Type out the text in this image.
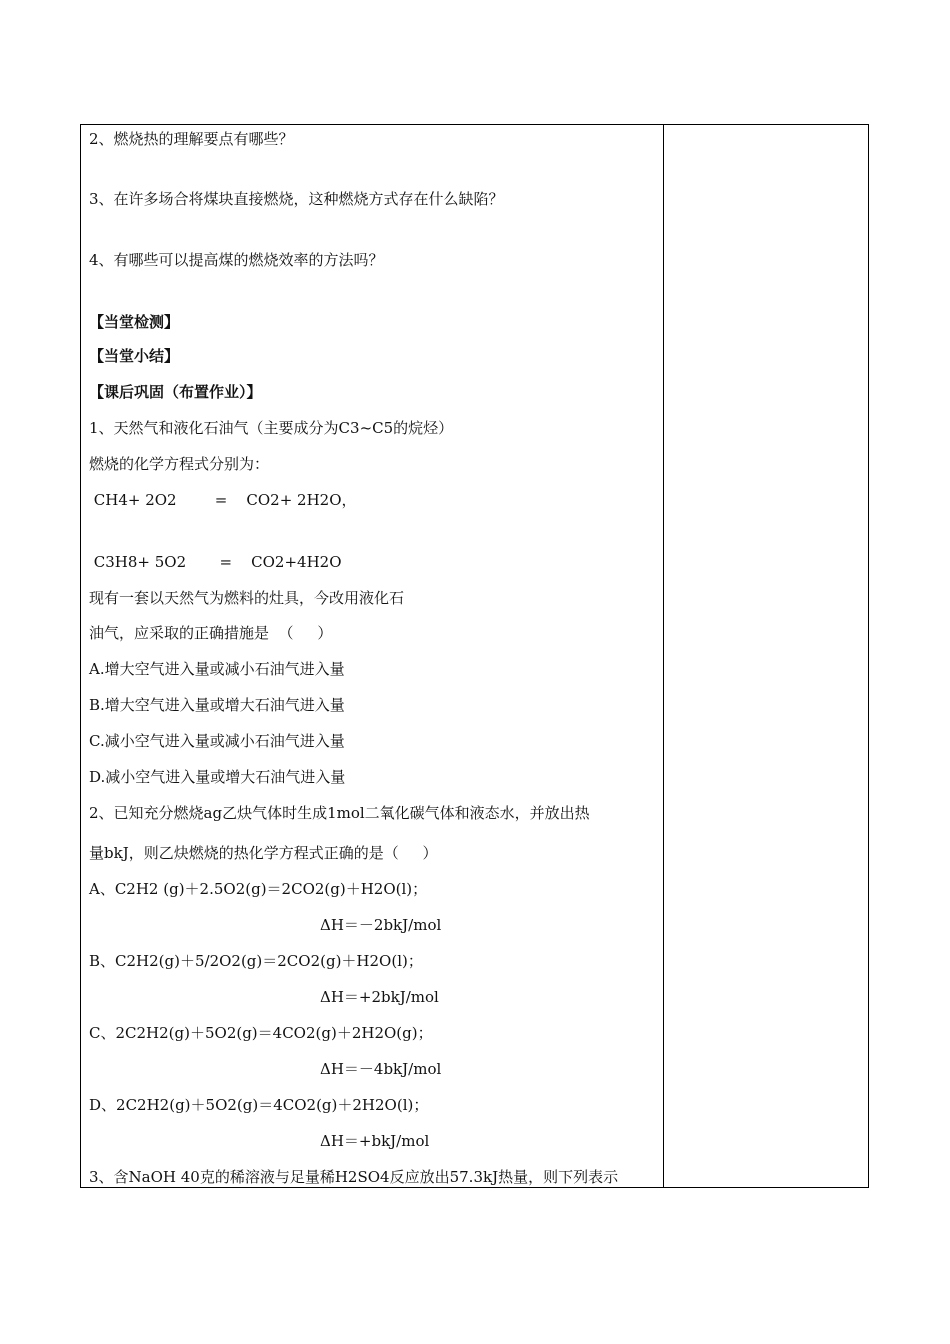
2、燃烧热的理解要点有哪些？
3、在许多场合将煤块直接燃烧，这种燃烧方式存在什么缺陷？
4、有哪些可以提高煤的燃烧效率的方法吗？
【当堂检测】
【当堂小结】
【课后巩固（布置作业）】
1、天然气和液化石油气（主要成分为C3~C5的烷烃）
燃烧的化学方程式分别为：
CH4+ 2O2        =    CO2+ 2H2O，
C3H8+ 5O2       =    CO2+4H2O
现有一套以天然气为燃料的灶具，今改用液化石
油气，应采取的正确措施是  （     ）
A.增大空气进入量或减小石油气进入量
B.增大空气进入量或增大石油气进入量
C.减小空气进入量或减小石油气进入量
D.减小空气进入量或增大石油气进入量
2、已知充分燃烧ag乙炔气体时生成1mol二氧化碳气体和液态水，并放出热
量bkJ，则乙炔燃烧的热化学方程式正确的是（     ）
A、C2H2 (g)＋2.5O2(g)＝2CO2(g)＋H2O(l)；
ΔH＝－2bkJ/mol
B、C2H2(g)＋5/2O2(g)＝2CO2(g)＋H2O(l)；
ΔH＝+2bkJ/mol
C、2C2H2(g)＋5O2(g)＝4CO2(g)＋2H2O(g)；
ΔH＝－4bkJ/mol
D、2C2H2(g)＋5O2(g)＝4CO2(g)＋2H2O(l)；
ΔH＝+bkJ/mol
3、含NaOH 40克的稀溶液与足量稀H2SO4反应放出57.3kJ热量，则下列表示
